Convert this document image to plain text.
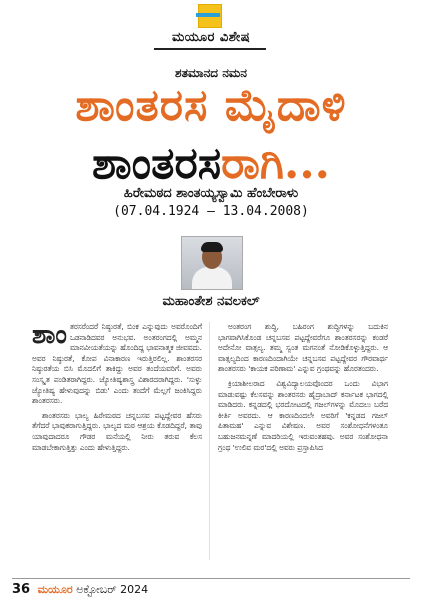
ಮಯೂರ ವಿಶೇಷ
ಶತಮಾನದ ನಮನ
ಶಾಂತರಸ ಮೈದಾಳಿ
ಶಾಂತರಸರಾಗಿ...
ಹಿರೇಮಠದ ಶಾಂತಯ್ಯಸ್ವಾಮಿ ಹೆಂಬೇರಾಳು
(07.04.1924 – 13.04.2008)
ಮಹಾಂತೇಶ ನವಲಕಲ್

ಶಾಂತರಸರೆಂದರೆ ನಿಷ್ಠುರತೆ, ಬಿಂಕ ಎನ್ನುವುದು ಅವರೊಂದಿಗೆ ಒಡನಾಡಿದವರ ಅನುಭವ. ಅಂತರಂಗದಲ್ಲಿ ಅಮ್ಮನ ಮಾನವೀಯತೆಯನ್ನು ಹೊಂದಿದ್ದ ಭಾವನಾತ್ಮಕ ಜೀವವದು. ಅವರ ನಿಷ್ಠುರತೆ, ಕೋಪ ವಿನಾಕಾರಣ ಇರುತ್ತಿರಲಿಲ್ಲ. ಶಾಂತರಸರ ನಿಷ್ಠುರತೆಯ ಬಿಸಿ ಮೊದಲಿಗೆ ತಾಕಿದ್ದು ಅವರ ತಂದೆಯವರಿಗೆ. ಅವರು ಸಂಸ್ಕೃತ ಪಂಡಿತರಾಗಿದ್ದರು. ಜ್ಯೋತಿಷ್ಯಶಾಸ್ತ್ರ ವಿಶಾರದರಾಗಿದ್ದರು. 'ಸುಳ್ಳು ಜ್ಯೋತಿಷ್ಯ ಹೇಳುವುದನ್ನು ಬಿಡು' ಎಂದು ತಂದೆಗೆ ಮೆಲ್ಲಗೆ ಜಂಕಿಸಿದ್ದರು ಶಾಂತರಸರು.

ಶಾಂತರಸರು ಭಾಲ್ಯ ಹಿರೇಮಠದ ಚನ್ನಬಸವ ಪಟ್ಟದ್ದೇವರ ಹೆಸರು ತೆಗೆದರೆ ಭಾವುಕರಾಗುತ್ತಿದ್ದರು. ಭಾಲ್ಯದ ಮಠ ಆಶ್ರಯ ಕೊಡದಿದ್ದರೆ, ತಾವು ಯಾವುದಾದರೂ ಗೌಡರ ಮನೆಯಲ್ಲಿ ನೀರು ತರುವ ಕೆಲಸ ಮಾಡಬೇಕಾಗುತ್ತಿತ್ತು ಎಂದು ಹೇಳುತ್ತಿದ್ದರು.

ಅಂತರಂಗ ಶುದ್ಧಿ, ಬಹಿರಂಗ ಶುದ್ಧಿಗಳನ್ನು ಬದುಕಿನ ಭಾಗವಾಗಿಸಿಕೊಂಡ ಚನ್ನಬಸವ ಪಟ್ಟದ್ದೇವರೆಗೂ ಶಾಂತರಸರನ್ನು ಕಂಡರೆ ಅದೇನೋ ವಾತ್ಸಲ್ಯ. ತಮ್ಮ ಸ್ವಂತ ಮಗನಂತೆ ನೋಡಿಕೊಳ್ಳುತ್ತಿದ್ದರು. ಆ ವಾತ್ಸಲ್ಯದಿಂದ ಕಾರಣದಿಂದಾಗಿಯೇ ಚನ್ನಬಸವ ಪಟ್ಟದ್ದೇವರ ಗೌರವಾರ್ಥ ಶಾಂತರಸರು 'ಕಾಯಕ ಪರಿಣಾಮ' ಎನ್ನುವ ಗ್ರಂಥವನ್ನು ಹೊರತಂದರು.

ಕ್ರಿಯಾಶೀಲರಾದ ವಿಶ್ವವಿದ್ಯಾಲಯವೊಂದರ ಒಂದು ವಿಭಾಗ ಮಾಡುವಷ್ಟು ಕೆಲಸವನ್ನು ಶಾಂತರಸರು ಹೈದ್ರಾಬಾದ್ ಕರ್ನಾಟಕ ಭಾಗದಲ್ಲಿ ಮಾಡಿದರು. ಕನ್ನಡದಲ್ಲಿ ಭರದೋಟದಲ್ಲಿ ಗಜಲ್‌ಗಳನ್ನು ಮೊದಲು ಬರೆದ ಕೀರ್ತಿ ಅವರದು. ಆ ಕಾರಣದಿಂದಲೇ ಅವರಿಗೆ 'ಕನ್ನಡದ ಗಜಲ್ ಪಿತಾಮಹ' ಎನ್ನುವ ವಿಶೇಷಣ. ಅವರ ಸಂಶೋಧನೆಗಳಂತೂ ಬಹುಜನಮನ್ನಣೆ ಮಾದರಿಯಲ್ಲಿ ಇರುವಂತಹವು. ಅವರ ಸಂಶೋಧನಾ ಗ್ರಂಥ 'ಉಲಿವ ಮರ'ದಲ್ಲಿ ಅವರು ಪ್ರಸ್ತಾಪಿಸಿದ

36 ಮಯೂರ ಅಕ್ಟೋಬರ್ 2024
